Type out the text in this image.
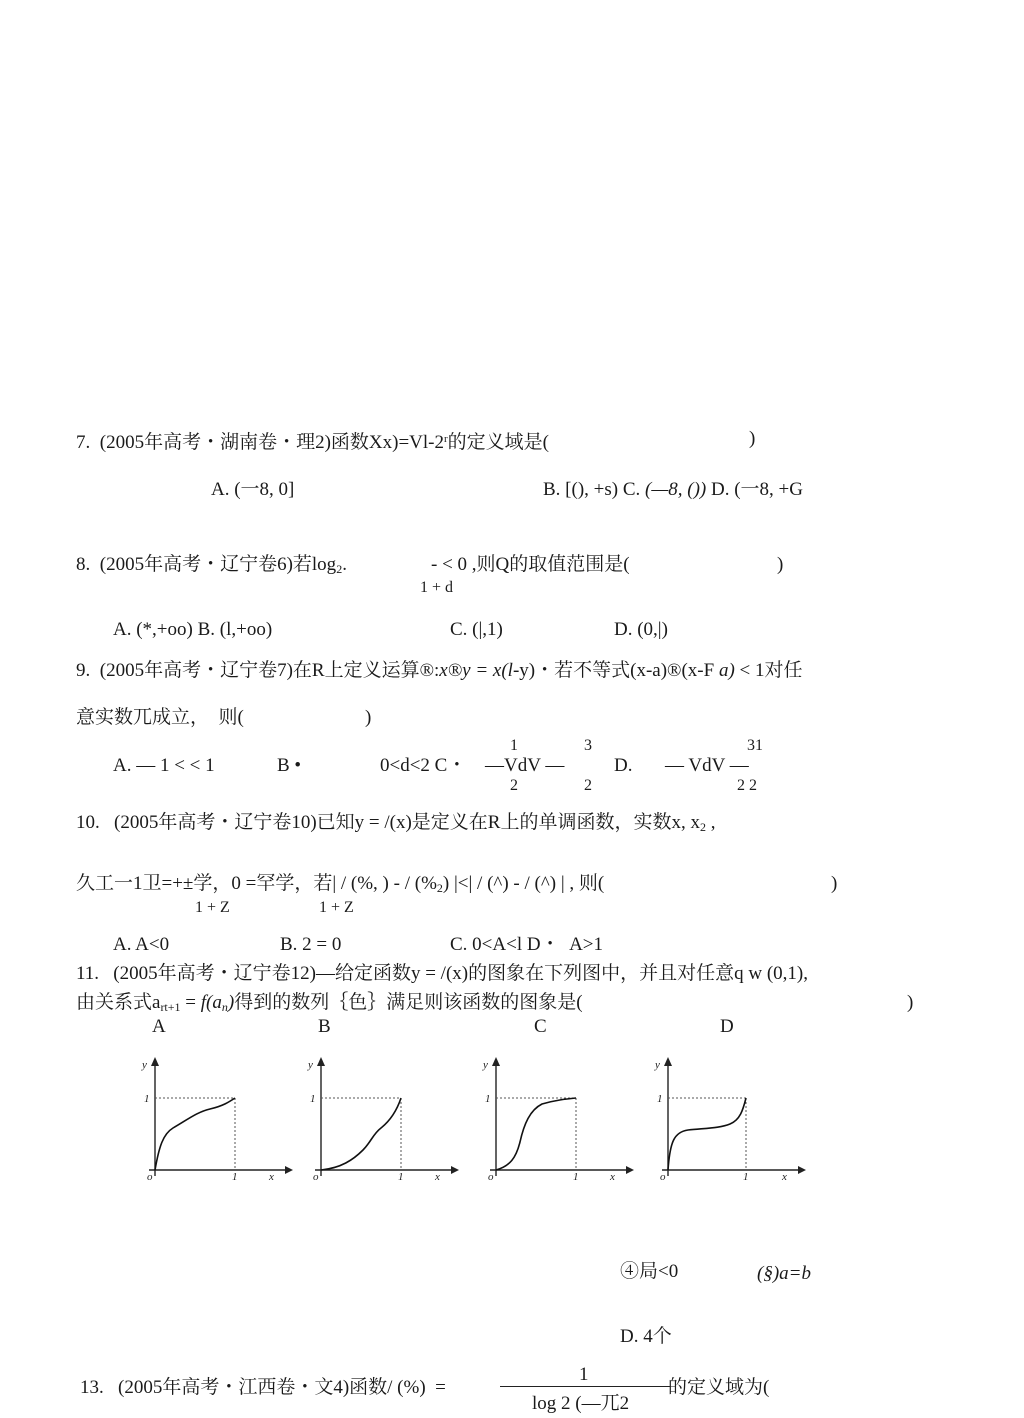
7.  (2005年高考・湖南卷・理2)函数$Xx)=Vl-2^r$的定义域是(	)
A. (一8, 0]	B. [(), +s) C. (—8, ()) D. (一8, +G
8.  (2005年高考・辽宁卷6)若$\log_2$.	- < 0 ,则Q的取值范围是(	)
1 + d
A. (*,+oo) B. (l,+oo)	C. (|,1)	D. (0,|)
9.  (2005年高考・辽宁卷7)在R上定义运算®:x®y = x(l-y)・若不等式(x-a)®(x-F a) < 1对任
意实数兀成立，  则(	)
1	3	31
A. — 1 < < 1	B •	0<d<2 C・ —VdV —	D. — VdV —
2	2	2 2
10.   (2005年高考・辽宁卷10)已知y = /(x)是定义在R上的单调函数，实数x, $x_2$ ,
久工一1卫=+±学，0 =罕学，若| / (%, ) - / $(\%_2)$ |<| / (^) - / (^) | , 则(	)
1 + Z	1 + Z
A. A<0	B. 2 = 0	C. 0<A<l D・  A>1
11.   (2005年高考・辽宁卷12)—给定函数y = /(x)的图象在下列图中，并且对任意q w (0,1),
由关系式$a_{rt+1} = f(a_n)$得到的数列｛色｝满足则该函数的图象是(	)
A	B	C	D
y
1
o	1	x
y
1
o	1	x
y
1
o	1	x
y
1
o	1	x
④局<0	(§)a=b
D. 4个
13.   (2005年高考・江西卷・文4)函数/ (%)  =
1
log 2 (—兀2
的定义域为(
